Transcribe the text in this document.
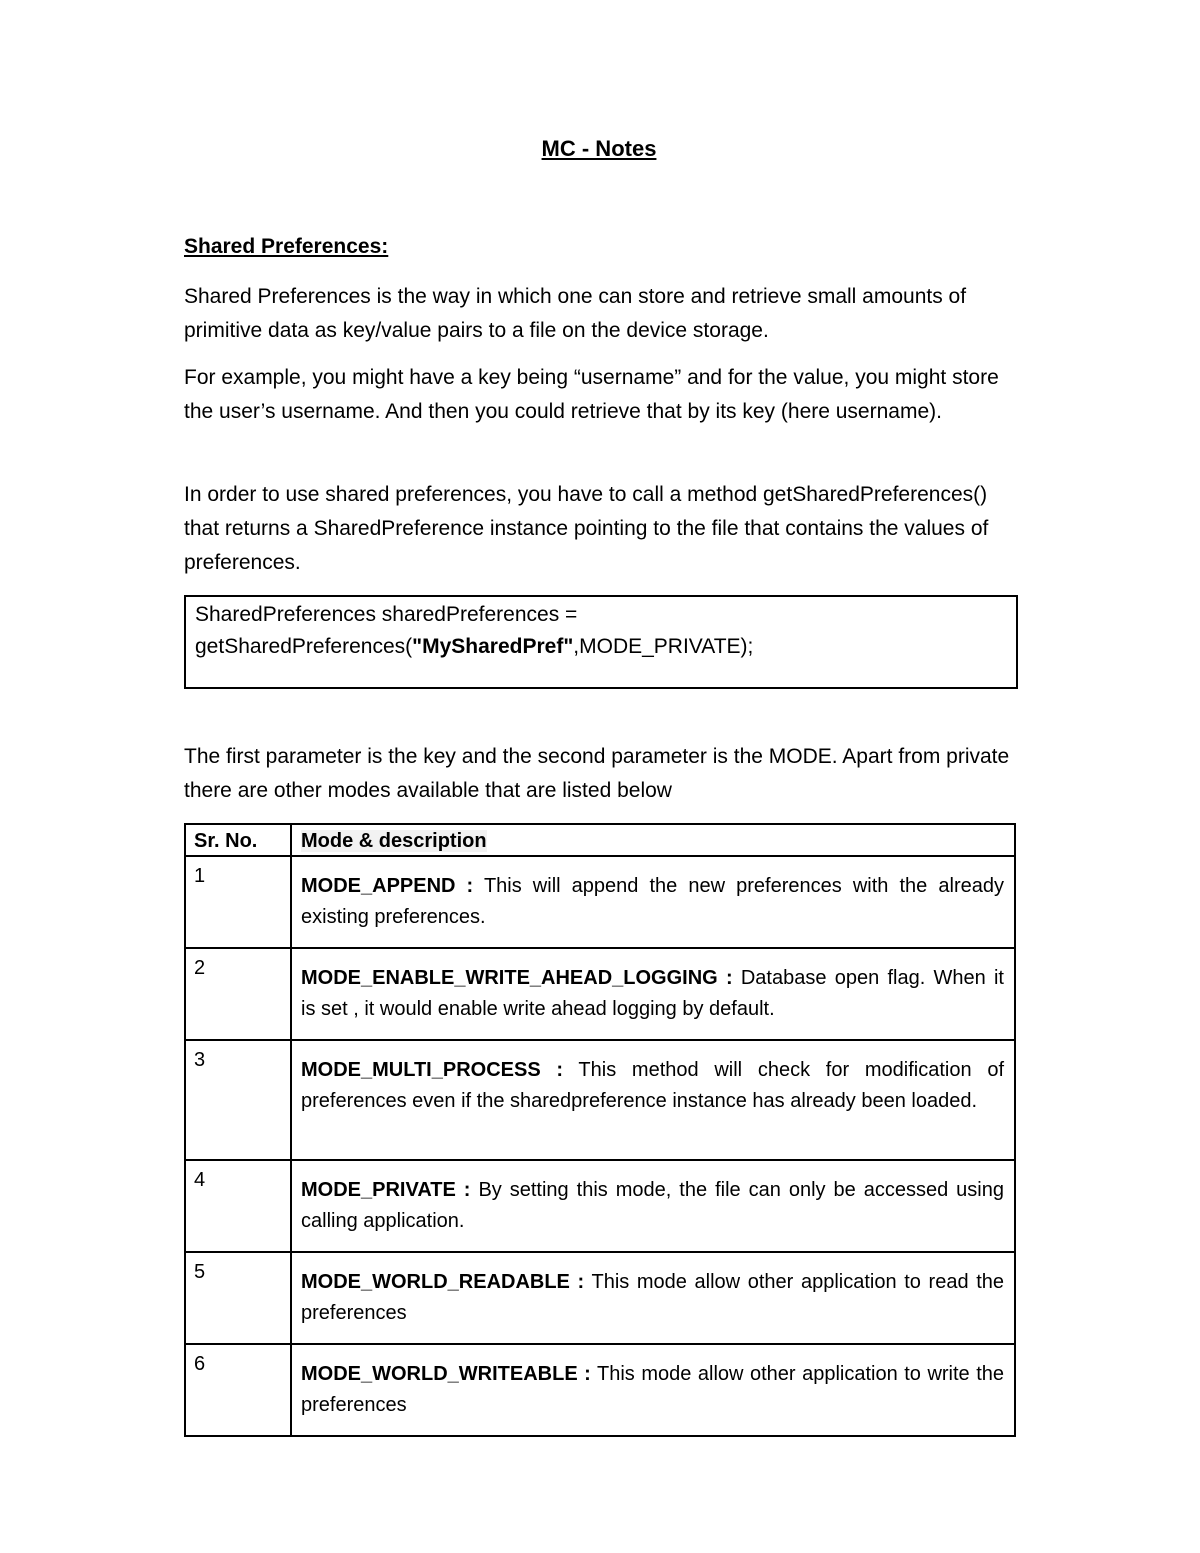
MC - Notes
Shared Preferences:

Shared Preferences is the way in which one can store and retrieve small amounts of primitive data as key/value pairs to a file on the device storage.

For example, you might have a key being “username” and for the value, you might store the user’s username. And then you could retrieve that by its key (here username).

In order to use shared preferences, you have to call a method getSharedPreferences() that returns a SharedPreference instance pointing to the file that contains the values of preferences.

SharedPreferences sharedPreferences =
getSharedPreferences("MySharedPref",MODE_PRIVATE);

The first parameter is the key and the second parameter is the MODE. Apart from private there are other modes available that are listed below

Sr. No.	Mode & description
1	MODE_APPEND : This will append the new preferences with the already existing preferences.
2	MODE_ENABLE_WRITE_AHEAD_LOGGING : Database open flag. When it is set , it would enable write ahead logging by default.
3	MODE_MULTI_PROCESS : This method will check for modification of preferences even if the sharedpreference instance has already been loaded.
4	MODE_PRIVATE : By setting this mode, the file can only be accessed using calling application.
5	MODE_WORLD_READABLE : This mode allow other application to read the preferences
6	MODE_WORLD_WRITEABLE : This mode allow other application to write the preferences
